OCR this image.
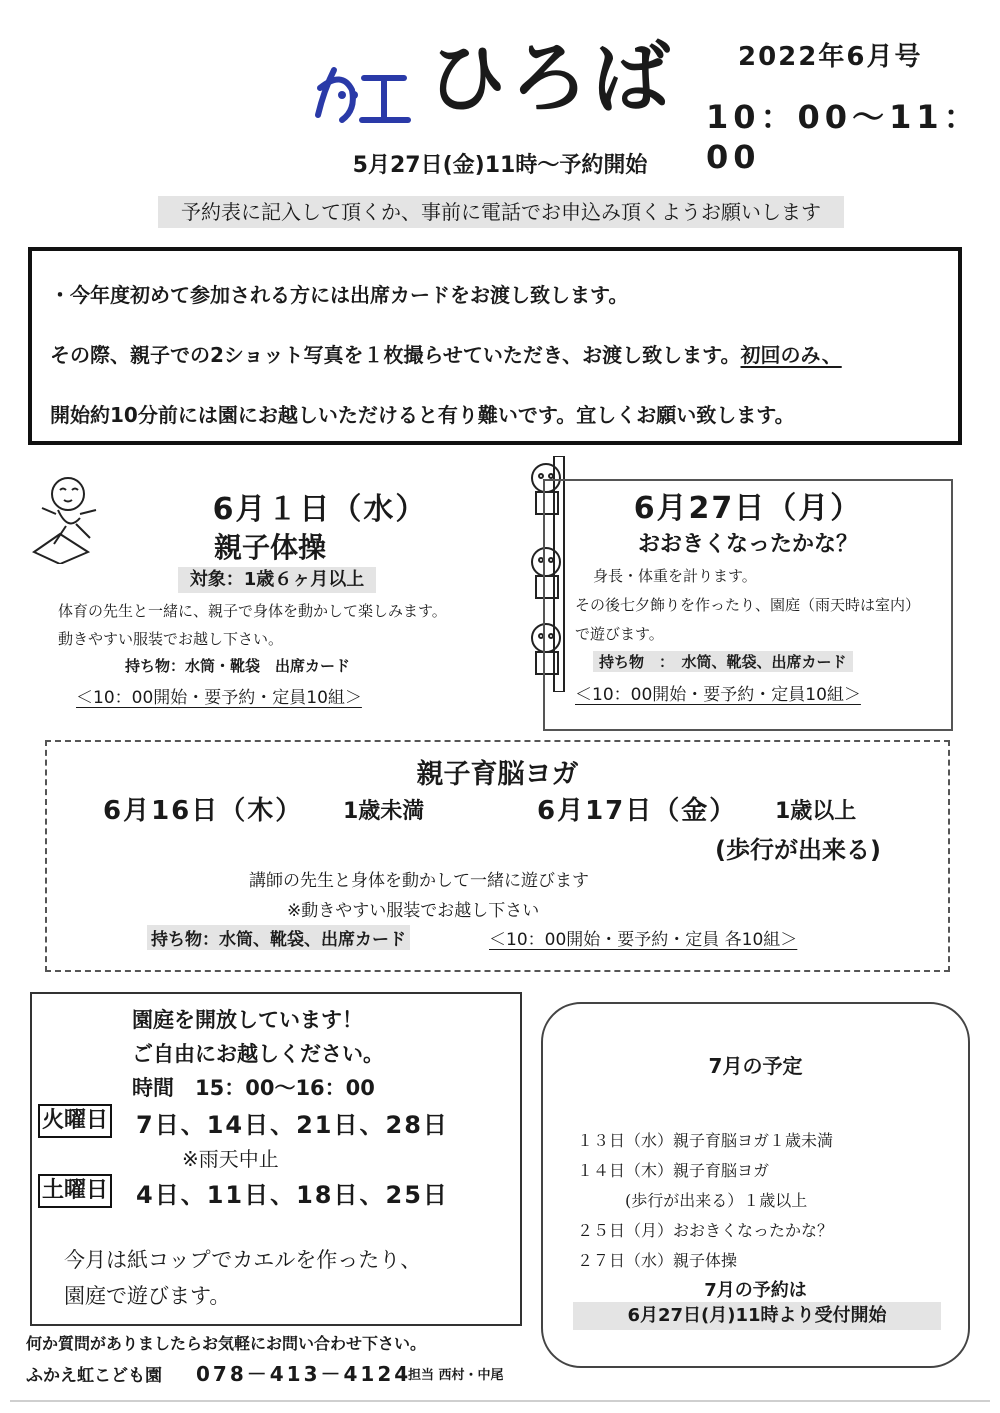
ひろば 2022年6月号
10：00～11：00
5月27日(金)11時～予約開始
予約表に記入して頂くか、事前に電話でお申込み頂くようお願いします
・今年度初めて参加される方には出席カードをお渡し致します。
その際、親子での2ショット写真を１枚撮らせていただき、お渡し致します。初回のみ、
開始約10分前には園にお越しいただけると有り難いです。宜しくお願い致します。
6月１日（水）
親子体操
対象：1歳６ヶ月以上
体育の先生と一緒に、親子で身体を動かして楽しみます。
動きやすい服装でお越し下さい。
持ち物：水筒・靴袋　出席カード
＜10：00開始・要予約・定員10組＞
6月27日（月）
おおきくなったかな？
身長・体重を計ります。
その後七夕飾りを作ったり、園庭（雨天時は室内）
で遊びます。
持ち物　：　水筒、靴袋、出席カード
＜10：00開始・要予約・定員10組＞
親子育脳ヨガ
6月16日（木） 1歳未満	6月17日（金） 1歳以上
(歩行が出来る)
講師の先生と身体を動かして一緒に遊びます
※動きやすい服装でお越し下さい
持ち物：水筒、靴袋、出席カード	＜10：00開始・要予約・定員 各10組＞
園庭を開放しています！
ご自由にお越しください。
時間　15：00～16：00
火曜日 7日、14日、21日、28日
※雨天中止
土曜日 4日、11日、18日、25日
今月は紙コップでカエルを作ったり、
園庭で遊びます。
7月の予定
１３日（水）親子育脳ヨガ１歳未満
１４日（木）親子育脳ヨガ
　　　(歩行が出来る）１歳以上
２５日（月）おおきくなったかな？
２７日（水）親子体操
7月の予約は
6月27日(月)11時より受付開始
何か質問がありましたらお気軽にお問い合わせ下さい。
ふかえ虹こども園 078－413－4124
担当 西村・中尾
